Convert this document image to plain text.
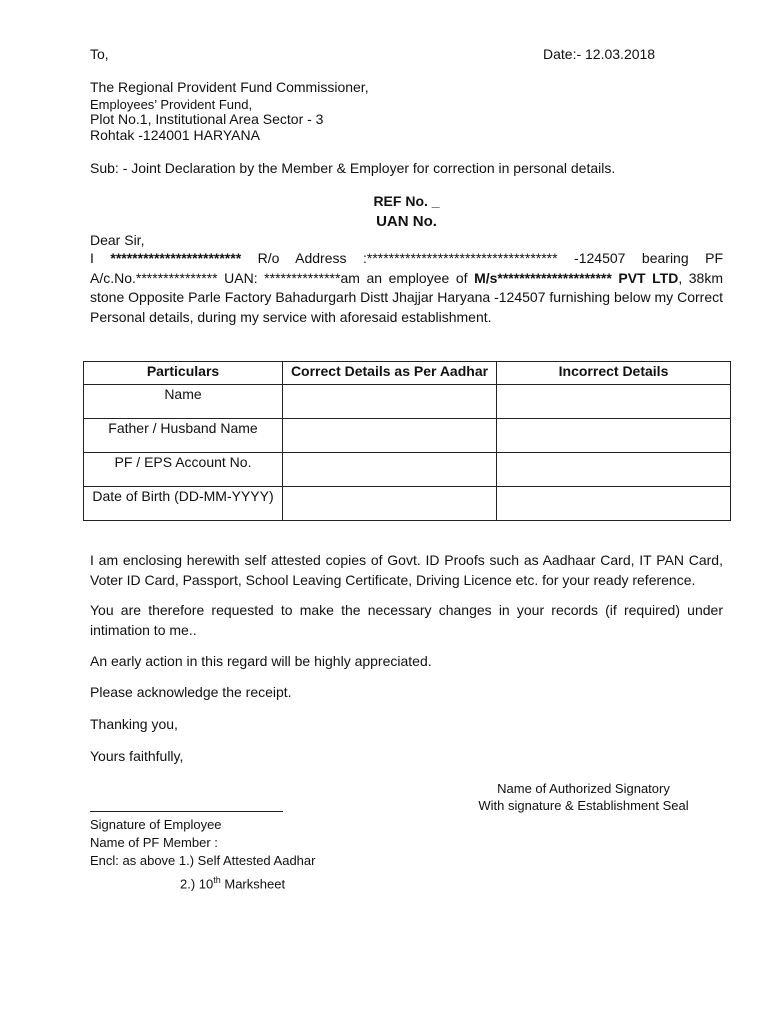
To,	Date:- 12.03.2018
The Regional Provident Fund Commissioner,
Employees’ Provident Fund,
Plot No.1, Institutional Area Sector - 3
Rohtak -124001 HARYANA
Sub: - Joint Declaration by the Member & Employer for correction in personal details.
REF No. _
UAN No.
Dear Sir,
I ************************ R/o Address :*********************************** -124507 bearing PF A/c.No.*************** UAN: **************am an employee of M/s********************* PVT LTD, 38km stone Opposite Parle Factory Bahadurgarh Distt Jhajjar Haryana -124507 furnishing below my Correct Personal details, during my service with aforesaid establishment.
Particulars	Correct Details as Per Aadhar	Incorrect Details
Name		
Father / Husband Name		
PF / EPS Account No.		
Date of Birth (DD-MM-YYYY)		
I am enclosing herewith self attested copies of Govt. ID Proofs such as Aadhaar Card, IT PAN Card, Voter ID Card, Passport, School Leaving Certificate, Driving Licence etc. for your ready reference.
You are therefore requested to make the necessary changes in your records (if required) under intimation to me..
An early action in this regard will be highly appreciated.
Please acknowledge the receipt.
Thanking you,
Yours faithfully,
Name of Authorized Signatory
With signature & Establishment Seal
Signature of Employee
Name of PF Member :
Encl: as above 1.) Self Attested Aadhar
2.) 10th Marksheet
